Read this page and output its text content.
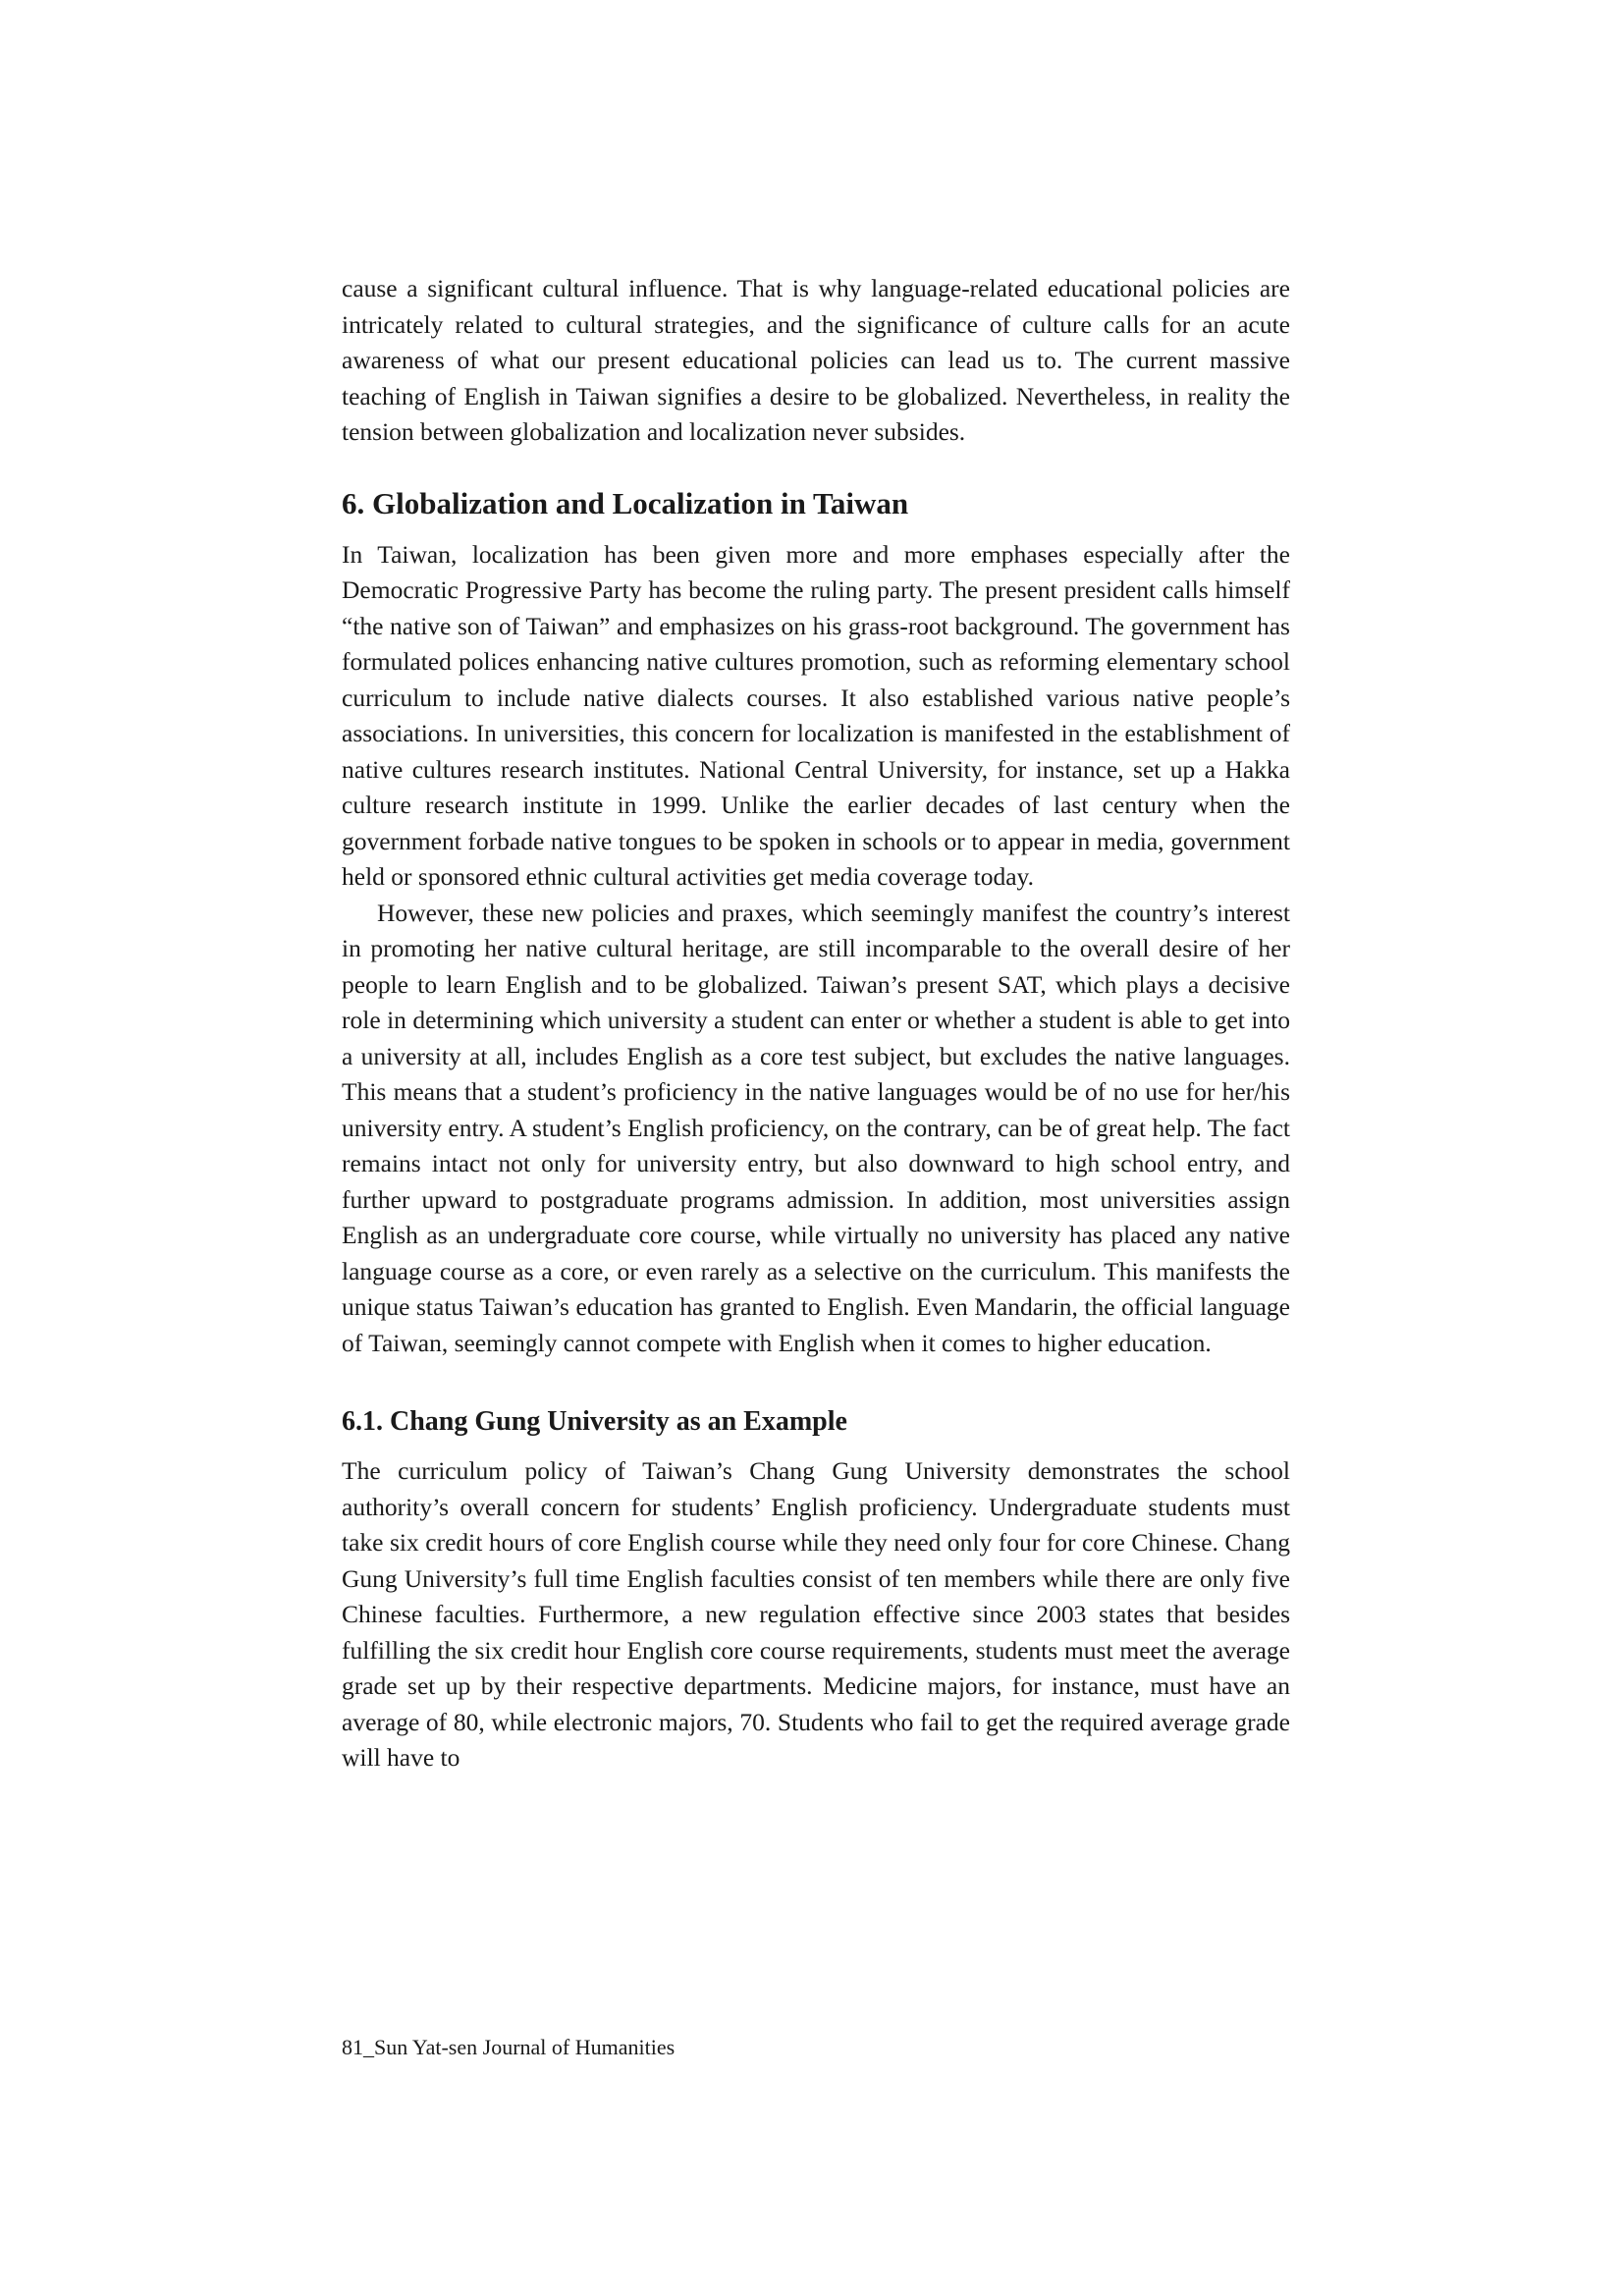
cause a significant cultural influence. That is why language-related educational policies are intricately related to cultural strategies, and the significance of culture calls for an acute awareness of what our present educational policies can lead us to. The current massive teaching of English in Taiwan signifies a desire to be globalized. Nevertheless, in reality the tension between globalization and localization never subsides.

6. Globalization and Localization in Taiwan

In Taiwan, localization has been given more and more emphases especially after the Democratic Progressive Party has become the ruling party. The present president calls himself “the native son of Taiwan” and emphasizes on his grass-root background. The government has formulated polices enhancing native cultures promotion, such as reforming elementary school curriculum to include native dialects courses. It also established various native people’s associations. In universities, this concern for localization is manifested in the establishment of native cultures research institutes. National Central University, for instance, set up a Hakka culture research institute in 1999. Unlike the earlier decades of last century when the government forbade native tongues to be spoken in schools or to appear in media, government held or sponsored ethnic cultural activities get media coverage today.

However, these new policies and praxes, which seemingly manifest the country’s interest in promoting her native cultural heritage, are still incomparable to the overall desire of her people to learn English and to be globalized. Taiwan’s present SAT, which plays a decisive role in determining which university a student can enter or whether a student is able to get into a university at all, includes English as a core test subject, but excludes the native languages. This means that a student’s proficiency in the native languages would be of no use for her/his university entry. A student’s English proficiency, on the contrary, can be of great help. The fact remains intact not only for university entry, but also downward to high school entry, and further upward to postgraduate programs admission. In addition, most universities assign English as an undergraduate core course, while virtually no university has placed any native language course as a core, or even rarely as a selective on the curriculum. This manifests the unique status Taiwan’s education has granted to English. Even Mandarin, the official language of Taiwan, seemingly cannot compete with English when it comes to higher education.

6.1. Chang Gung University as an Example

The curriculum policy of Taiwan’s Chang Gung University demonstrates the school authority’s overall concern for students’ English proficiency. Undergraduate students must take six credit hours of core English course while they need only four for core Chinese. Chang Gung University’s full time English faculties consist of ten members while there are only five Chinese faculties. Furthermore, a new regulation effective since 2003 states that besides fulfilling the six credit hour English core course requirements, students must meet the average grade set up by their respective departments. Medicine majors, for instance, must have an average of 80, while electronic majors, 70. Students who fail to get the required average grade will have to

81_Sun Yat-sen Journal of Humanities
